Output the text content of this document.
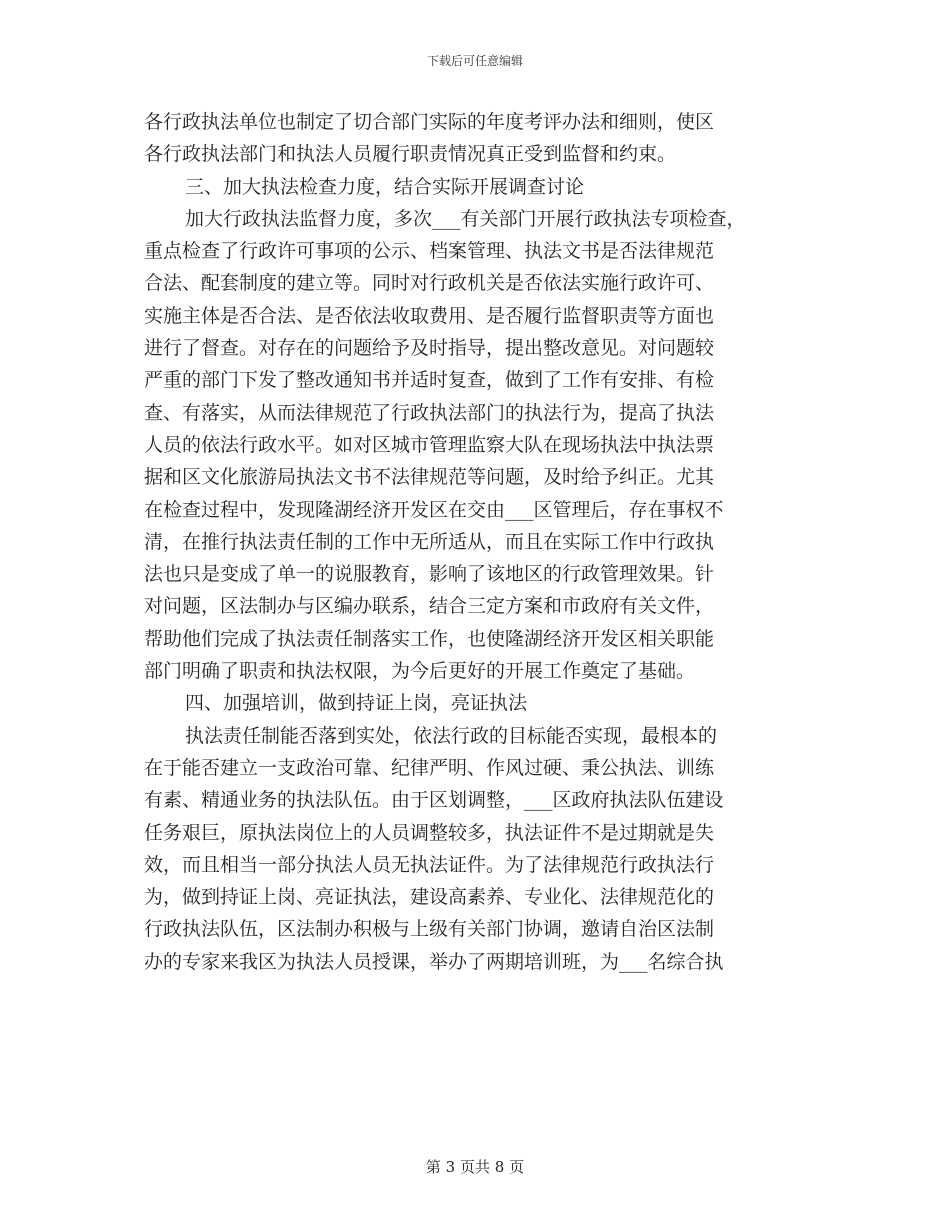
下载后可任意编辑
各行政执法单位也制定了切合部门实际的年度考评办法和细则，使区
各行政执法部门和执法人员履行职责情况真正受到监督和约束。
三、加大执法检查力度，结合实际开展调查讨论
加大行政执法监督力度，多次___有关部门开展行政执法专项检查，
重点检查了行政许可事项的公示、档案管理、执法文书是否法律规范
合法、配套制度的建立等。同时对行政机关是否依法实施行政许可、
实施主体是否合法、是否依法收取费用、是否履行监督职责等方面也
进行了督查。对存在的问题给予及时指导，提出整改意见。对问题较
严重的部门下发了整改通知书并适时复查，做到了工作有安排、有检
查、有落实，从而法律规范了行政执法部门的执法行为，提高了执法
人员的依法行政水平。如对区城市管理监察大队在现场执法中执法票
据和区文化旅游局执法文书不法律规范等问题，及时给予纠正。尤其
在检查过程中，发现隆湖经济开发区在交由___区管理后，存在事权不
清，在推行执法责任制的工作中无所适从，而且在实际工作中行政执
法也只是变成了单一的说服教育，影响了该地区的行政管理效果。针
对问题，区法制办与区编办联系，结合三定方案和市政府有关文件，
帮助他们完成了执法责任制落实工作，也使隆湖经济开发区相关职能
部门明确了职责和执法权限，为今后更好的开展工作奠定了基础。
四、加强培训，做到持证上岗，亮证执法
执法责任制能否落到实处，依法行政的目标能否实现，最根本的
在于能否建立一支政治可靠、纪律严明、作风过硬、秉公执法、训练
有素、精通业务的执法队伍。由于区划调整，___区政府执法队伍建设
任务艰巨，原执法岗位上的人员调整较多，执法证件不是过期就是失
效，而且相当一部分执法人员无执法证件。为了法律规范行政执法行
为，做到持证上岗、亮证执法，建设高素养、专业化、法律规范化的
行政执法队伍，区法制办积极与上级有关部门协调，邀请自治区法制
办的专家来我区为执法人员授课，举办了两期培训班，为___名综合执
第 3 页共 8 页
